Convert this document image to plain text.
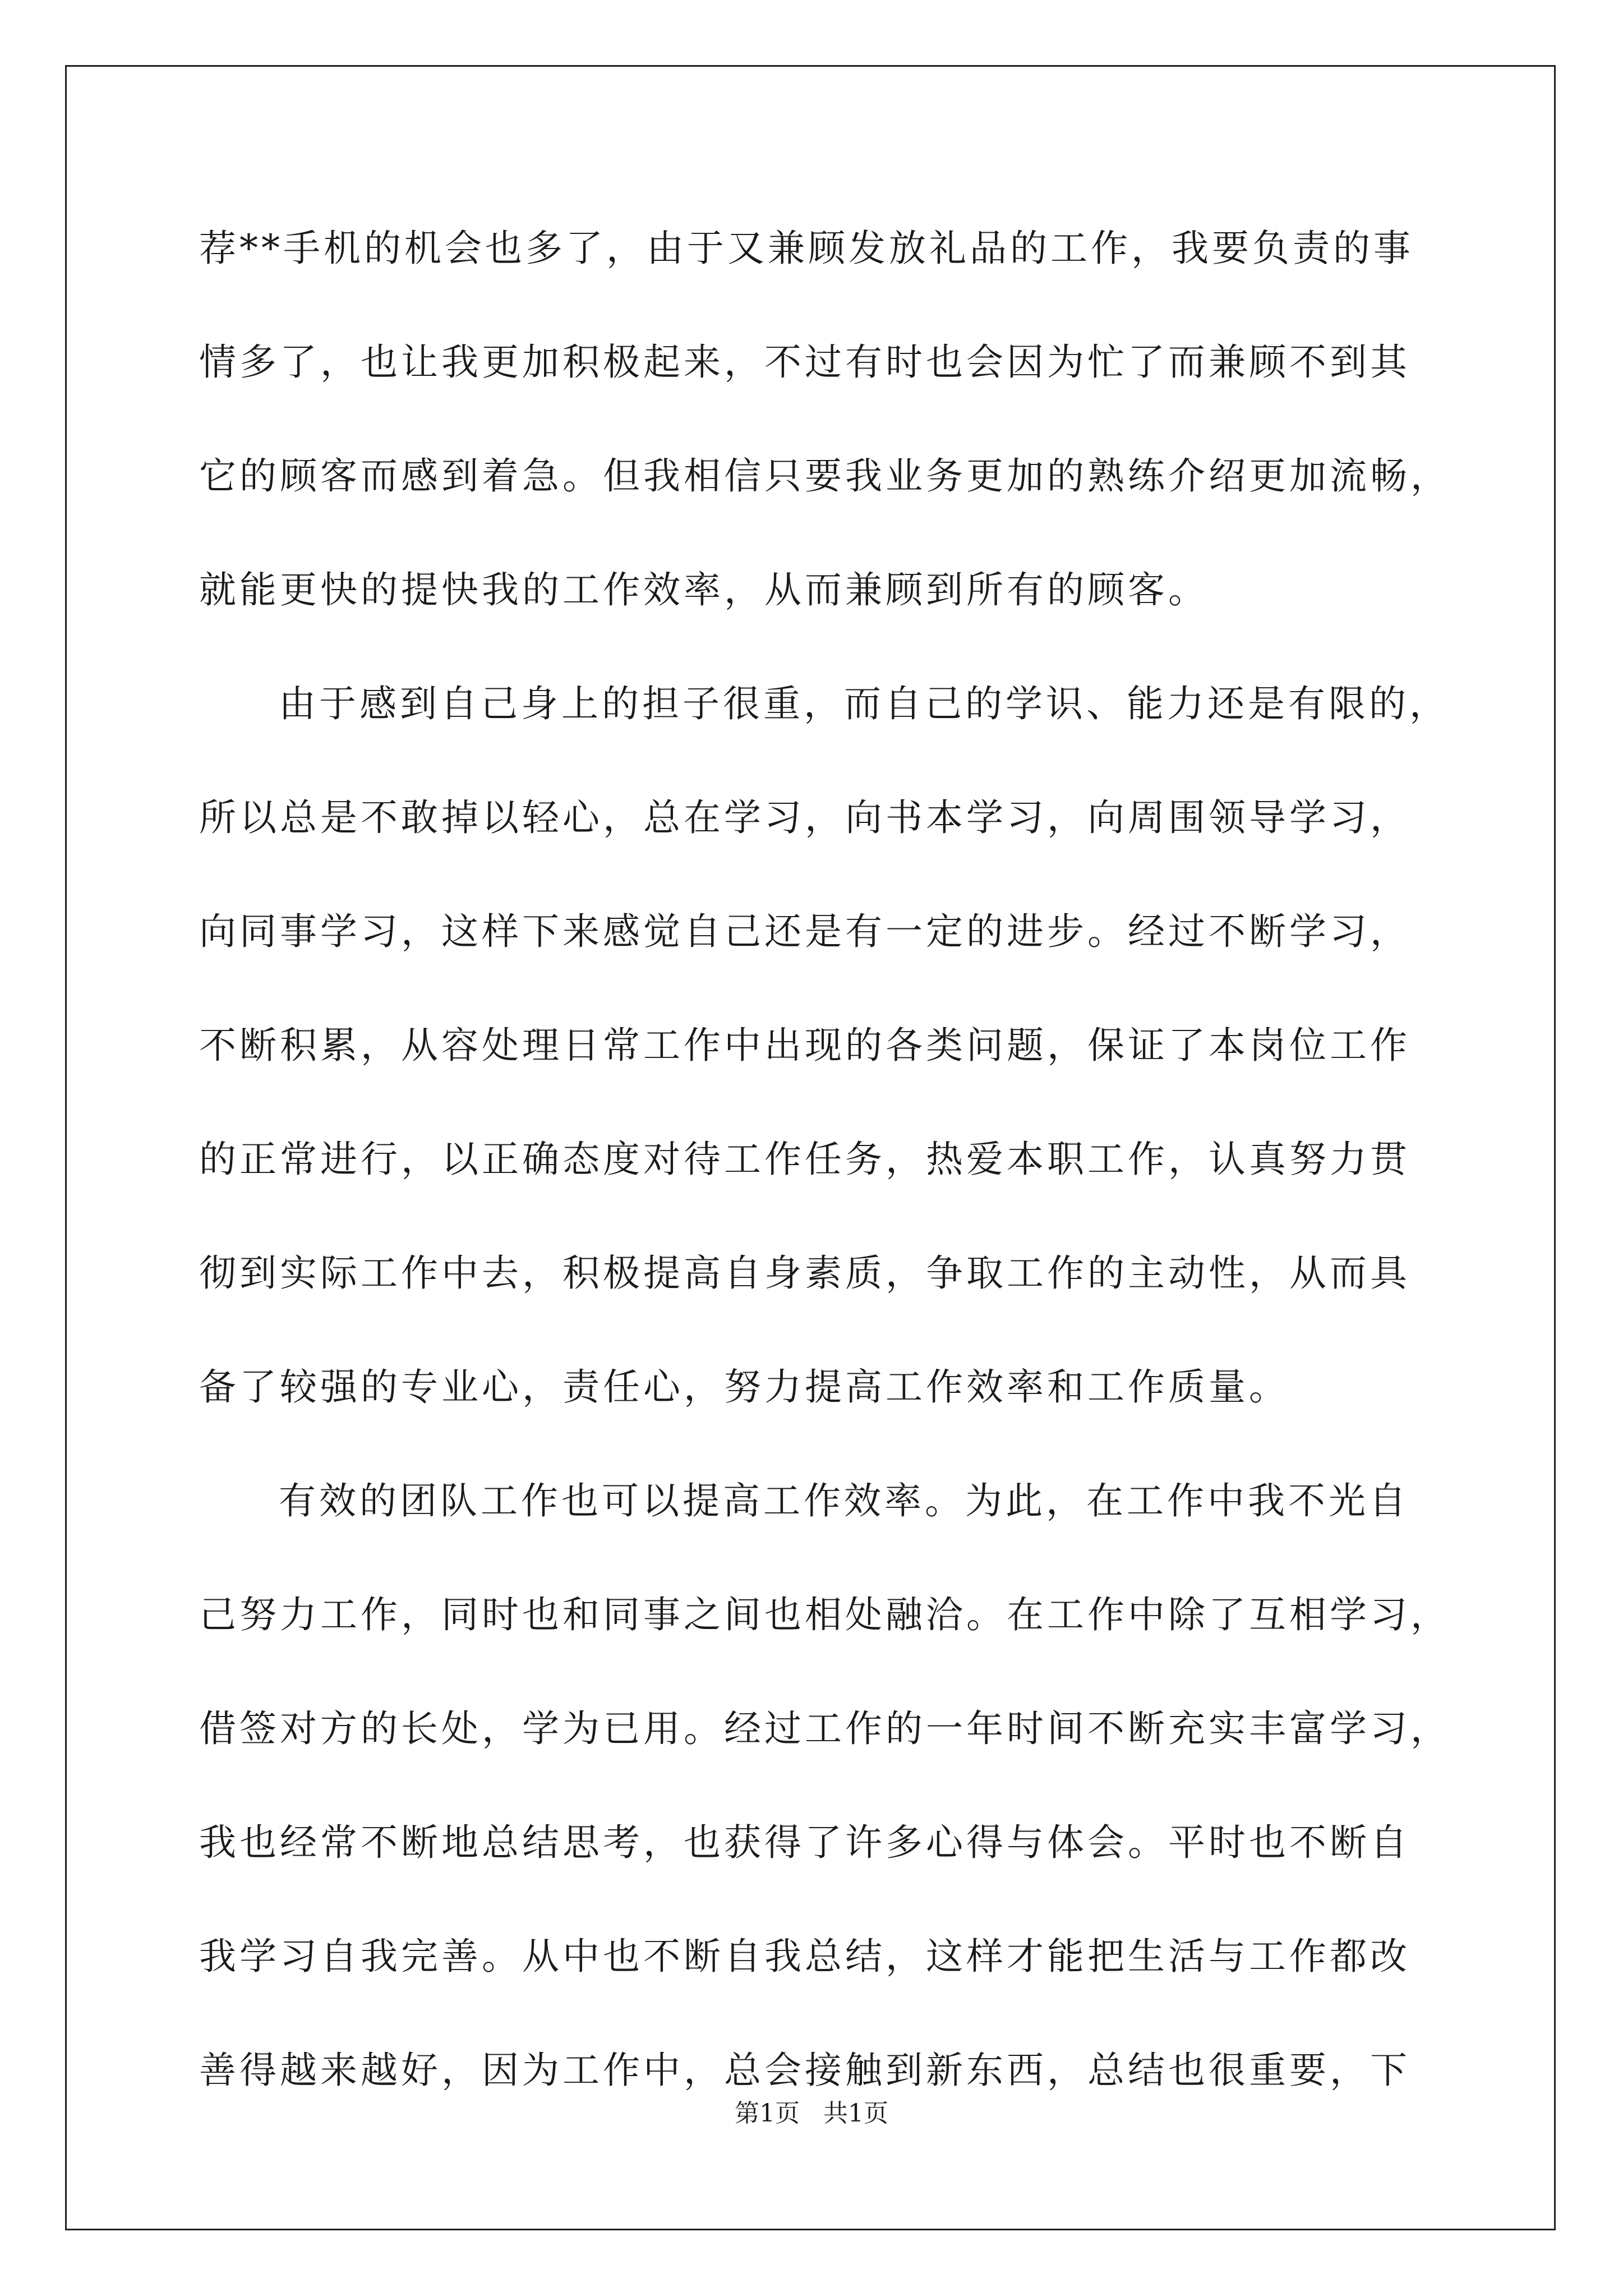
荐**手机的机会也多了，由于又兼顾发放礼品的工作，我要负责的事
情多了，也让我更加积极起来，不过有时也会因为忙了而兼顾不到其
它的顾客而感到着急。但我相信只要我业务更加的熟练介绍更加流畅，
就能更快的提快我的工作效率，从而兼顾到所有的顾客。
由于感到自己身上的担子很重，而自己的学识、能力还是有限的，
所以总是不敢掉以轻心，总在学习，向书本学习，向周围领导学习，
向同事学习，这样下来感觉自己还是有一定的进步。经过不断学习，
不断积累，从容处理日常工作中出现的各类问题，保证了本岗位工作
的正常进行，以正确态度对待工作任务，热爱本职工作，认真努力贯
彻到实际工作中去，积极提高自身素质，争取工作的主动性，从而具
备了较强的专业心，责任心，努力提高工作效率和工作质量。
有效的团队工作也可以提高工作效率。为此，在工作中我不光自
己努力工作，同时也和同事之间也相处融洽。在工作中除了互相学习，
借签对方的长处，学为已用。经过工作的一年时间不断充实丰富学习，
我也经常不断地总结思考，也获得了许多心得与体会。平时也不断自
我学习自我完善。从中也不断自我总结，这样才能把生活与工作都改
善得越来越好，因为工作中，总会接触到新东西，总结也很重要，下
第1页   共1页
